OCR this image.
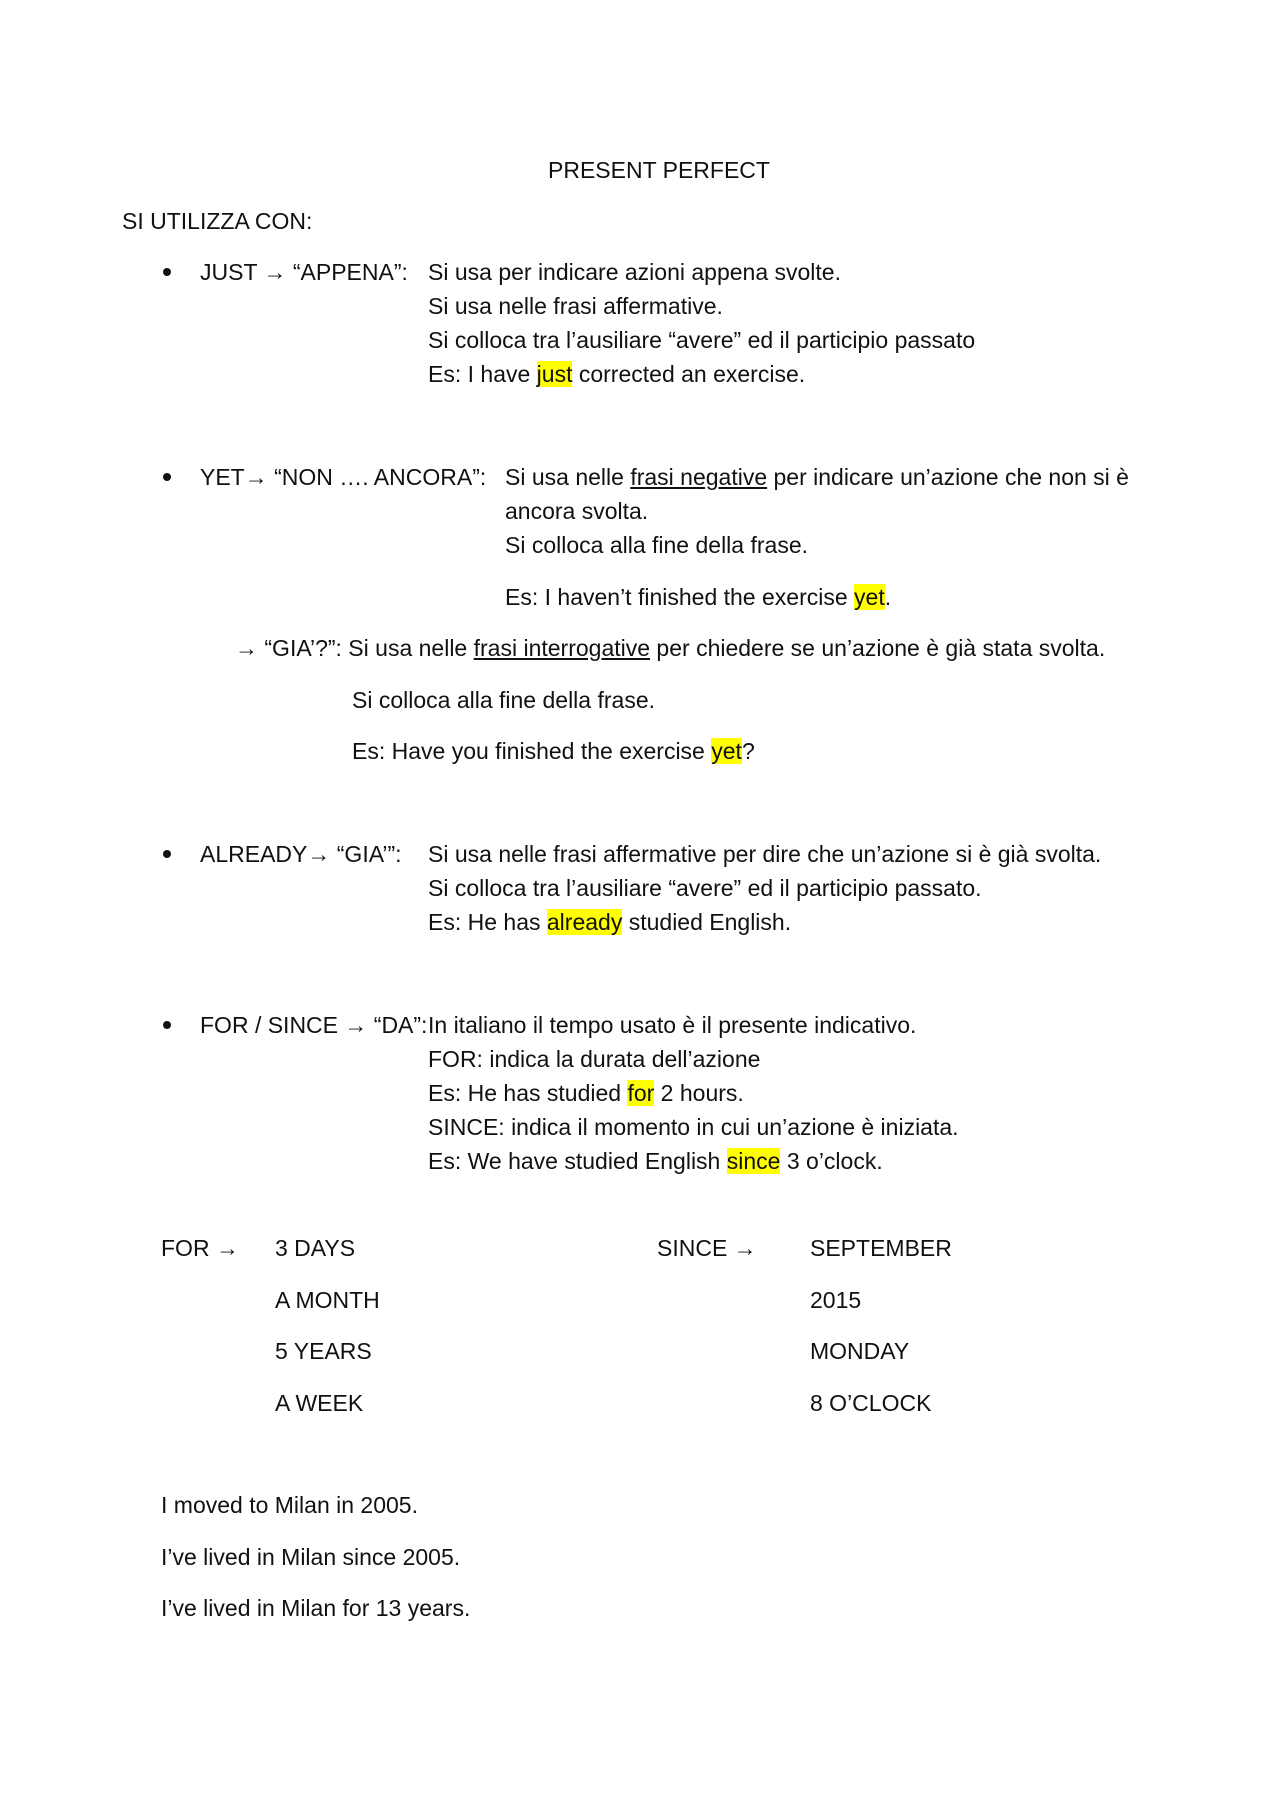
PRESENT PERFECT
SI UTILIZZA CON:
JUST → “APPENA”: Si usa per indicare azioni appena svolte.
Si usa nelle frasi affermative.
Si colloca tra l’ausiliare “avere” ed il participio passato
Es: I have just corrected an exercise.
YET→ “NON …. ANCORA”: Si usa nelle frasi negative per indicare un’azione che non si è
ancora svolta.
Si colloca alla fine della frase.
Es: I haven’t finished the exercise yet.
→ “GIA’?”: Si usa nelle frasi interrogative per chiedere se un’azione è già stata svolta.
Si colloca alla fine della frase.
Es: Have you finished the exercise yet?
ALREADY→ “GIA’”: Si usa nelle frasi affermative per dire che un’azione si è già svolta.
Si colloca tra l’ausiliare “avere” ed il participio passato.
Es: He has already studied English.
FOR / SINCE → “DA”: In italiano il tempo usato è il presente indicativo.
FOR: indica la durata dell’azione
Es: He has studied for 2 hours.
SINCE: indica il momento in cui un’azione è iniziata.
Es: We have studied English since 3 o’clock.
FOR → 3 DAYS
A MONTH
5 YEARS
A WEEK
SINCE → SEPTEMBER
2015
MONDAY
8 O’CLOCK
I moved to Milan in 2005.
I’ve lived in Milan since 2005.
I’ve lived in Milan for 13 years.
